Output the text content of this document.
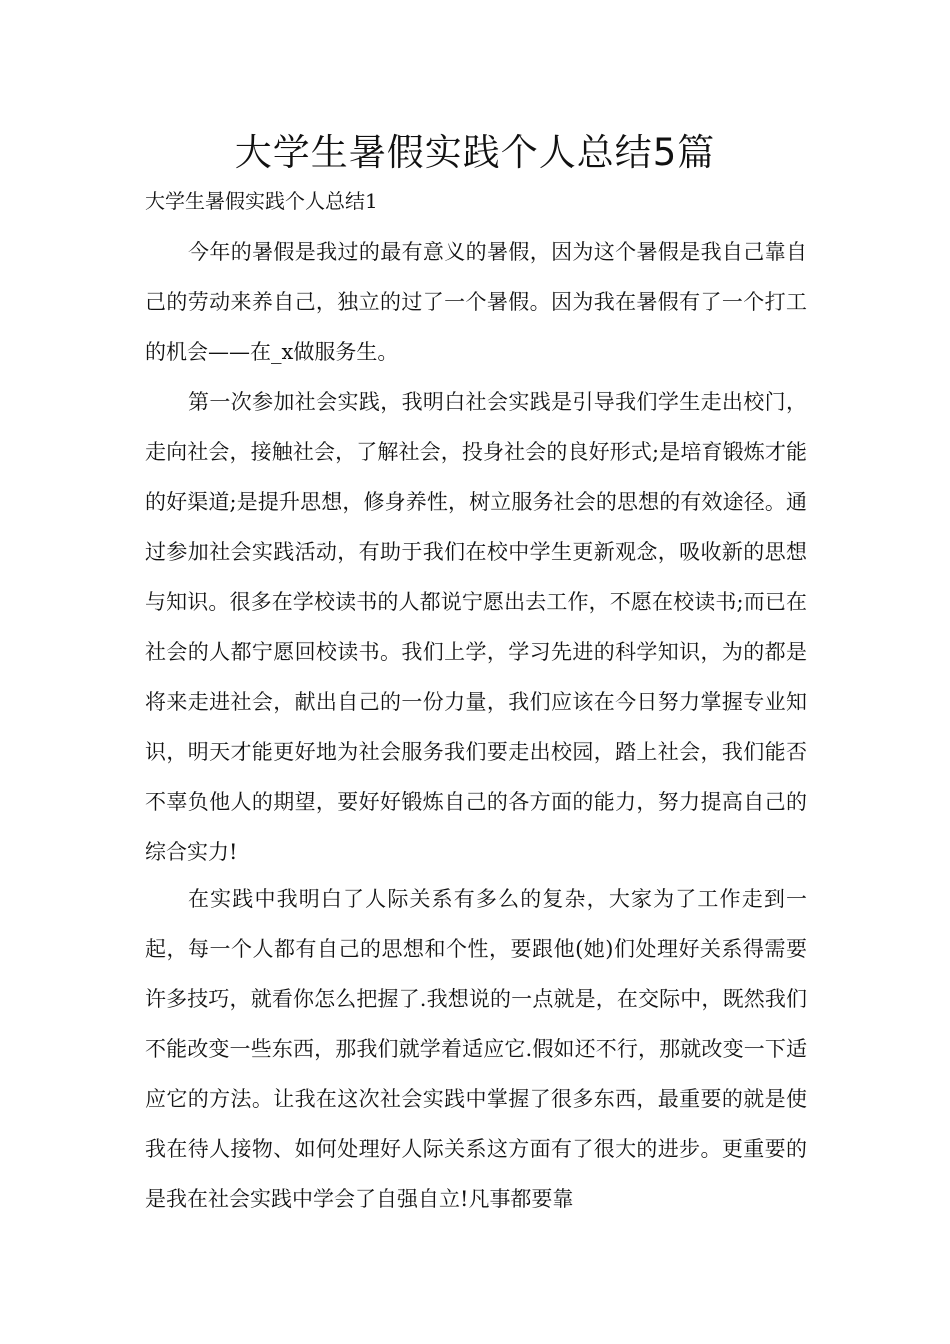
大学生暑假实践个人总结5篇

大学生暑假实践个人总结1

今年的暑假是我过的最有意义的暑假，因为这个暑假是我自己靠自己的劳动来养自己，独立的过了一个暑假。因为我在暑假有了一个打工的机会——在_x做服务生。

第一次参加社会实践，我明白社会实践是引导我们学生走出校门，走向社会，接触社会，了解社会，投身社会的良好形式;是培育锻炼才能的好渠道;是提升思想，修身养性，树立服务社会的思想的有效途径。通过参加社会实践活动，有助于我们在校中学生更新观念，吸收新的思想与知识。很多在学校读书的人都说宁愿出去工作，不愿在校读书;而已在社会的人都宁愿回校读书。我们上学，学习先进的科学知识，为的都是将来走进社会，献出自己的一份力量，我们应该在今日努力掌握专业知识，明天才能更好地为社会服务我们要走出校园，踏上社会，我们能否不辜负他人的期望，要好好锻炼自己的各方面的能力，努力提高自己的综合实力!

在实践中我明白了人际关系有多么的复杂，大家为了工作走到一起，每一个人都有自己的思想和个性，要跟他(她)们处理好关系得需要许多技巧，就看你怎么把握了.我想说的一点就是，在交际中，既然我们不能改变一些东西，那我们就学着适应它.假如还不行，那就改变一下适应它的方法。让我在这次社会实践中掌握了很多东西，最重要的就是使我在待人接物、如何处理好人际关系这方面有了很大的进步。更重要的是我在社会实践中学会了自强自立!凡事都要靠
